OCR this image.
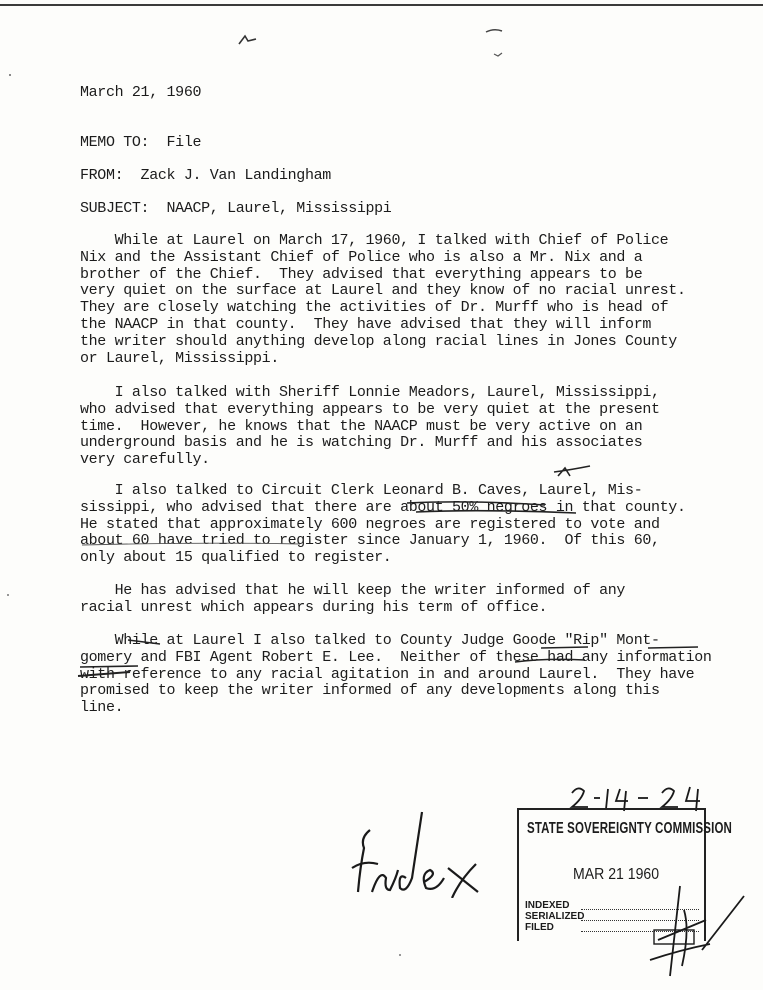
March 21, 1960
MEMO TO:  File
FROM:  Zack J. Van Landingham
SUBJECT:  NAACP, Laurel, Mississippi

While at Laurel on March 17, 1960, I talked with Chief of Police

Nix and the Assistant Chief of Police who is also a Mr. Nix and a

brother of the Chief.  They advised that everything appears to be

very quiet on the surface at Laurel and they know of no racial unrest.

They are closely watching the activities of Dr. Murff who is head of

the NAACP in that county.  They have advised that they will inform

the writer should anything develop along racial lines in Jones County

or Laurel, Mississippi.

I also talked with Sheriff Lonnie Meadors, Laurel, Mississippi,

who advised that everything appears to be very quiet at the present

time.  However, he knows that the NAACP must be very active on an

underground basis and he is watching Dr. Murff and his associates

very carefully.

I also talked to Circuit Clerk Leonard B. Caves, Laurel, Mis-

sissippi, who advised that there are about 50% negroes in that county.

He stated that approximately 600 negroes are registered to vote and

about 60 have tried to register since January 1, 1960.  Of this 60,

only about 15 qualified to register.

He has advised that he will keep the writer informed of any

racial unrest which appears during his term of office.

While at Laurel I also talked to County Judge Goode "Rip" Mont-

gomery and FBI Agent Robert E. Lee.  Neither of these had any information

with reference to any racial agitation in and around Laurel.  They have

promised to keep the writer informed of any developments along this

line.

STATE SOVEREIGNTY COMMISSION
MAR 21 1960
INDEXED
SERIALIZED
FILED
